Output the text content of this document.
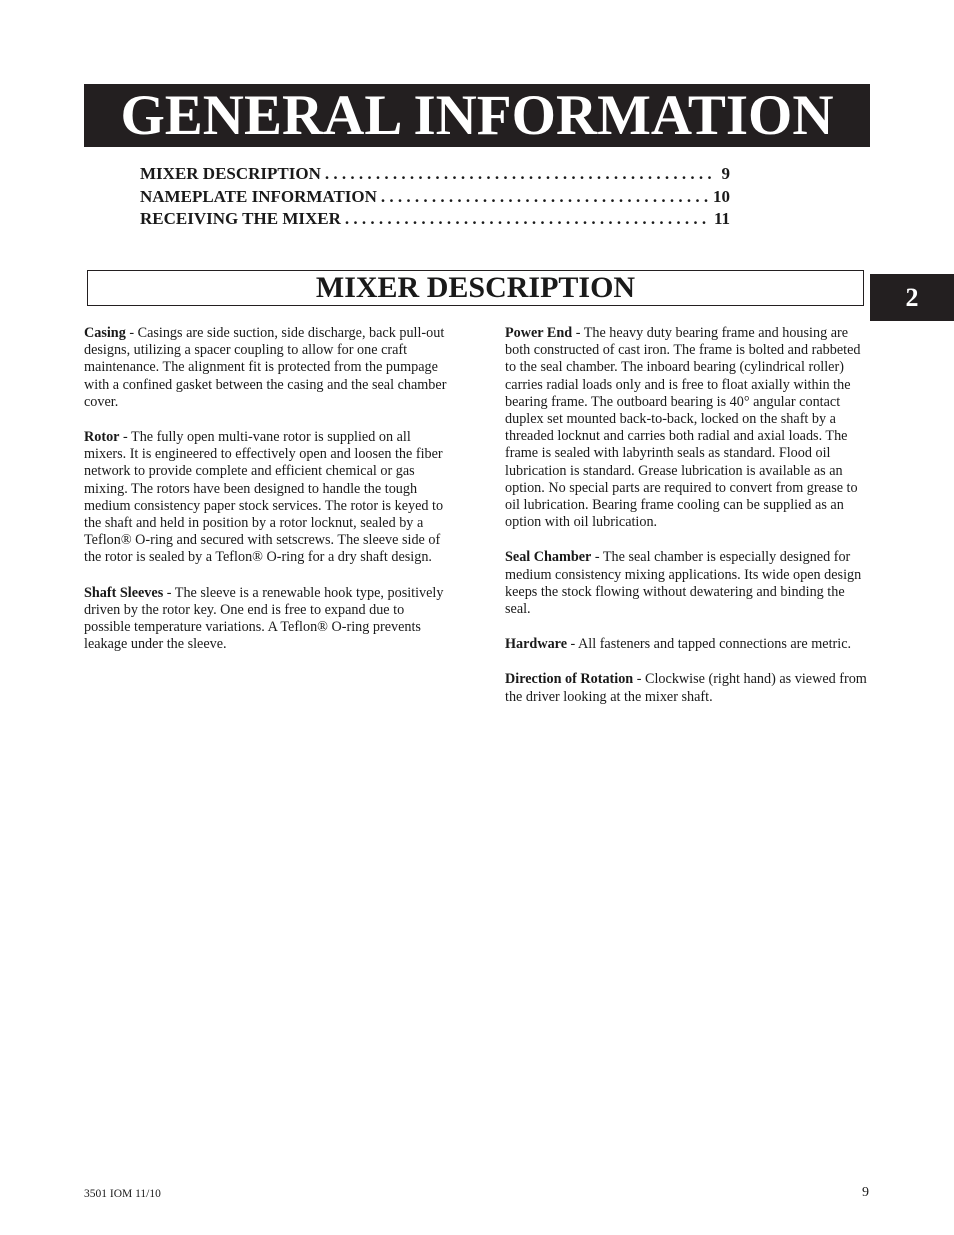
GENERAL INFORMATION
MIXER DESCRIPTION . . .	9
NAMEPLATE INFORMATION . . .	10
RECEIVING THE MIXER . . .	11
MIXER DESCRIPTION	2

Casing - Casings are side suction, side discharge, back pull-out designs, utilizing a spacer coupling to allow for one craft maintenance. The alignment fit is protected from the pumpage with a confined gasket between the casing and the seal chamber cover.

Rotor - The fully open multi-vane rotor is supplied on all mixers. It is engineered to effectively open and loosen the fiber network to provide complete and efficient chemical or gas mixing. The rotors have been designed to handle the tough medium consistency paper stock services. The rotor is keyed to the shaft and held in position by a rotor locknut, sealed by a Teflon® O-ring and secured with setscrews. The sleeve side of the rotor is sealed by a Teflon® O-ring for a dry shaft design.

Shaft Sleeves - The sleeve is a renewable hook type, positively driven by the rotor key. One end is free to expand due to possible temperature variations. A Teflon® O-ring prevents leakage under the sleeve.

Power End - The heavy duty bearing frame and housing are both constructed of cast iron. The frame is bolted and rabbeted to the seal chamber. The inboard bearing (cylindrical roller) carries radial loads only and is free to float axially within the bearing frame. The outboard bearing is 40° angular contact duplex set mounted back-to-back, locked on the shaft by a threaded locknut and carries both radial and axial loads. The frame is sealed with labyrinth seals as standard. Flood oil lubrication is standard. Grease lubrication is available as an option. No special parts are required to convert from grease to oil lubrication. Bearing frame cooling can be supplied as an option with oil lubrication.

Seal Chamber - The seal chamber is especially designed for medium consistency mixing applications. Its wide open design keeps the stock flowing without dewatering and binding the seal.

Hardware - All fasteners and tapped connections are metric.

Direction of Rotation - Clockwise (right hand) as viewed from the driver looking at the mixer shaft.

3501 IOM 11/10	9
